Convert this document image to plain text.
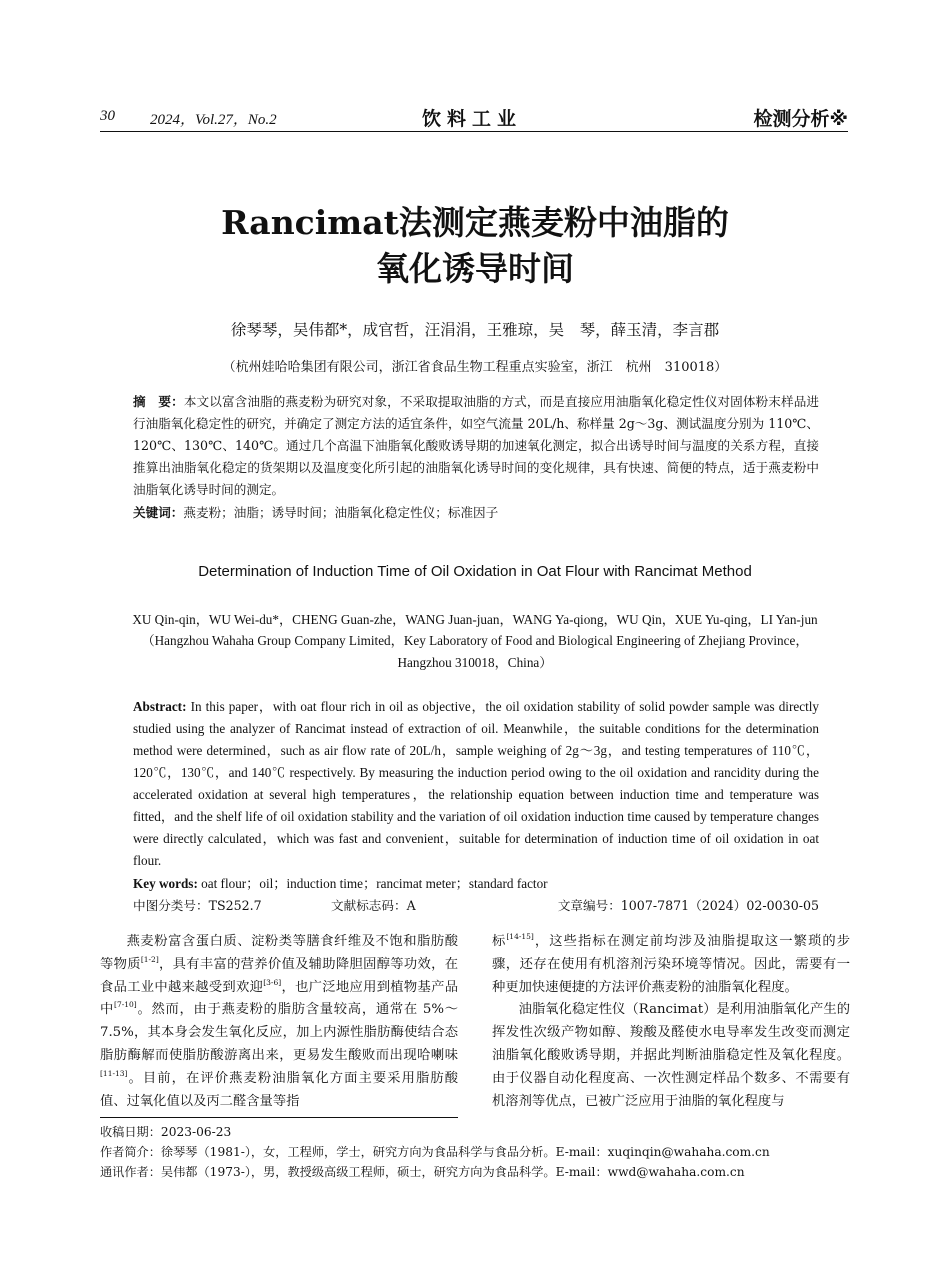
30 2024，Vol.27，No.2	饮料工业	检测分析※
Rancimat法测定燕麦粉中油脂的
氧化诱导时间
徐琴琴，吴伟都*，成官哲，汪涓涓，王雅琼，吴　琴，薛玉清，李言郡
（杭州娃哈哈集团有限公司，浙江省食品生物工程重点实验室，浙江　杭州　310018）
摘　要：本文以富含油脂的燕麦粉为研究对象，不采取提取油脂的方式，而是直接应用油脂氧化稳定性仪对固体粉末样品进行油脂氧化稳定性的研究，并确定了测定方法的适宜条件，如空气流量 20L/h、称样量 2g～3g、测试温度分别为 110℃、120℃、130℃、140℃。通过几个高温下油脂氧化酸败诱导期的加速氧化测定，拟合出诱导时间与温度的关系方程，直接推算出油脂氧化稳定的货架期以及温度变化所引起的油脂氧化诱导时间的变化规律，具有快速、简便的特点，适于燕麦粉中油脂氧化诱导时间的测定。
关键词：燕麦粉；油脂；诱导时间；油脂氧化稳定性仪；标准因子
Determination of Induction Time of Oil Oxidation in Oat Flour with Rancimat Method
XU Qin-qin，WU Wei-du*，CHENG Guan-zhe，WANG Juan-juan，WANG Ya-qiong，WU Qin，XUE Yu-qing，LI Yan-jun
（Hangzhou Wahaha Group Company Limited，Key Laboratory of Food and Biological Engineering of Zhejiang Province，
Hangzhou 310018，China）
Abstract: In this paper，with oat flour rich in oil as objective，the oil oxidation stability of solid powder sample was directly studied using the analyzer of Rancimat instead of extraction of oil. Meanwhile，the suitable conditions for the determination method were determined，such as air flow rate of 20L/h，sample weighing of 2g～3g，and testing temperatures of 110℃，120℃，130℃，and 140℃ respectively. By measuring the induction period owing to the oil oxidation and rancidity during the accelerated oxidation at several high temperatures，the relationship equation between induction time and temperature was fitted，and the shelf life of oil oxidation stability and the variation of oil oxidation induction time caused by temperature changes were directly calculated，which was fast and convenient，suitable for determination of induction time of oil oxidation in oat flour.
Key words: oat flour；oil；induction time；rancimat meter；standard factor
中图分类号：TS252.7	文献标志码：A	文章编号：1007-7871（2024）02-0030-05

燕麦粉富含蛋白质、淀粉类等膳食纤维及不饱和脂肪酸等物质[1-2]，具有丰富的营养价值及辅助降胆固醇等功效，在食品工业中越来越受到欢迎[3-6]，也广泛地应用到植物基产品中[7-10]。然而，由于燕麦粉的脂肪含量较高，通常在 5%～7.5%，其本身会发生氧化反应，加上内源性脂肪酶使结合态脂肪酶解而使脂肪酸游离出来，更易发生酸败而出现哈喇味[11-13]。目前，在评价燕麦粉油脂氧化方面主要采用脂肪酸值、过氧化值以及丙二醛含量等指

标[14-15]，这些指标在测定前均涉及油脂提取这一繁琐的步骤，还存在使用有机溶剂污染环境等情况。因此，需要有一种更加快速便捷的方法评价燕麦粉的油脂氧化程度。

油脂氧化稳定性仪（Rancimat）是利用油脂氧化产生的挥发性次级产物如醇、羧酸及醛使水电导率发生改变而测定油脂氧化酸败诱导期，并据此判断油脂稳定性及氧化程度。由于仪器自动化程度高、一次性测定样品个数多、不需要有机溶剂等优点，已被广泛应用于油脂的氧化程度与

收稿日期：2023-06-23
作者简介：徐琴琴（1981-），女，工程师，学士，研究方向为食品科学与食品分析。E-mail：xuqinqin@wahaha.com.cn
通讯作者：吴伟都（1973-），男，教授级高级工程师，硕士，研究方向为食品科学。E-mail：wwd@wahaha.com.cn
